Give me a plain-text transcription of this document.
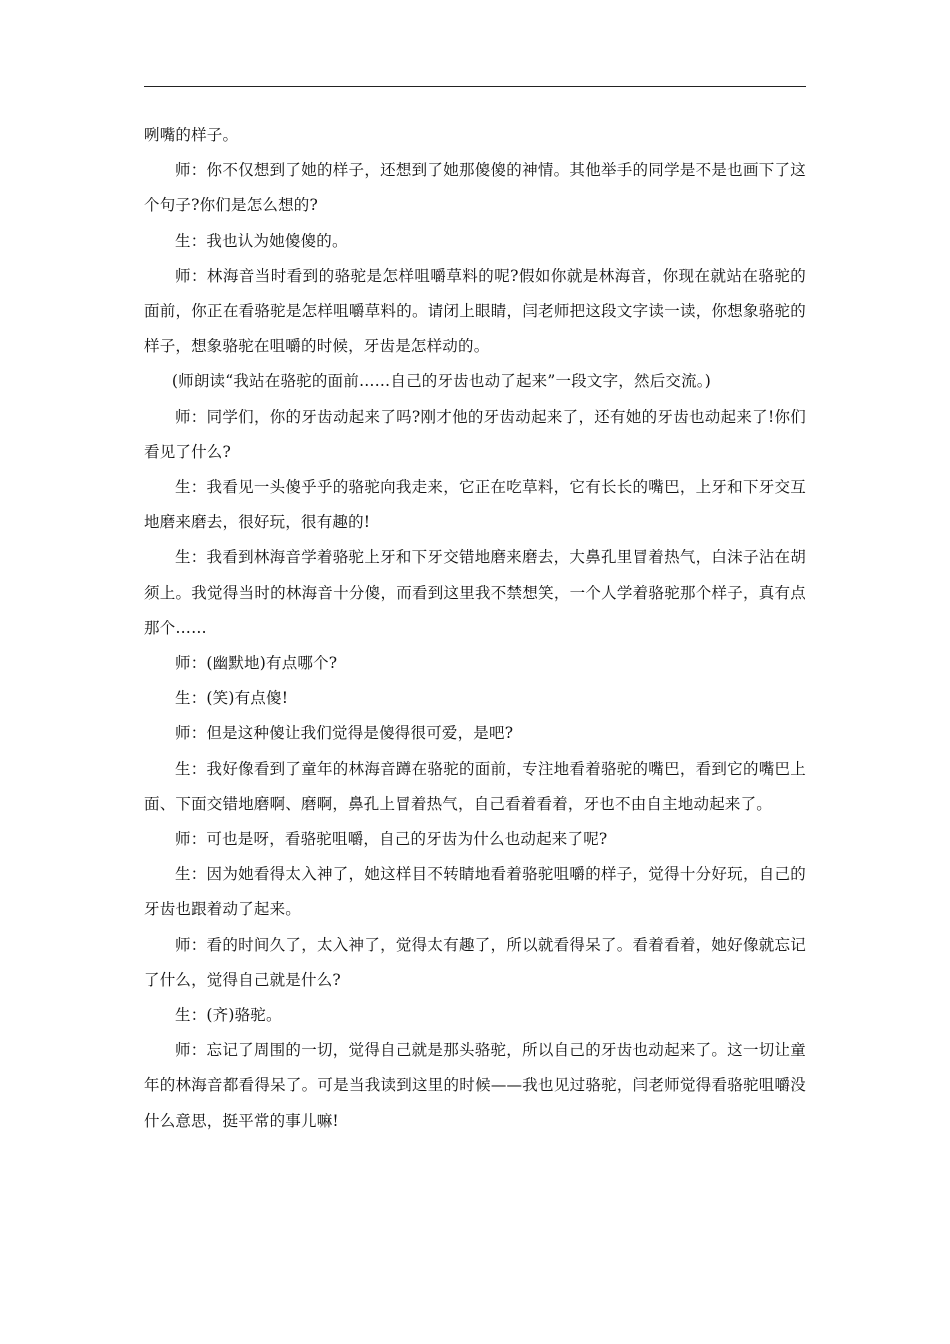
咧嘴的样子。

师：你不仅想到了她的样子，还想到了她那傻傻的神情。其他举手的同学是不是也画下了这个句子?你们是怎么想的?

生：我也认为她傻傻的。

师：林海音当时看到的骆驼是怎样咀嚼草料的呢?假如你就是林海音，你现在就站在骆驼的面前，你正在看骆驼是怎样咀嚼草料的。请闭上眼睛，闫老师把这段文字读一读，你想象骆驼的样子，想象骆驼在咀嚼的时候，牙齿是怎样动的。

(师朗读“我站在骆驼的面前……自己的牙齿也动了起来”一段文字，然后交流。)

师：同学们，你的牙齿动起来了吗?刚才他的牙齿动起来了，还有她的牙齿也动起来了!你们看见了什么?

生：我看见一头傻乎乎的骆驼向我走来，它正在吃草料，它有长长的嘴巴，上牙和下牙交互地磨来磨去，很好玩，很有趣的!

生：我看到林海音学着骆驼上牙和下牙交错地磨来磨去，大鼻孔里冒着热气，白沫子沾在胡须上。我觉得当时的林海音十分傻，而看到这里我不禁想笑，一个人学着骆驼那个样子，真有点那个……

师：(幽默地)有点哪个?

生：(笑)有点傻!

师：但是这种傻让我们觉得是傻得很可爱，是吧?

生：我好像看到了童年的林海音蹲在骆驼的面前，专注地看着骆驼的嘴巴，看到它的嘴巴上面、下面交错地磨啊、磨啊，鼻孔上冒着热气，自己看着看着，牙也不由自主地动起来了。

师：可也是呀，看骆驼咀嚼，自己的牙齿为什么也动起来了呢?

生：因为她看得太入神了，她这样目不转睛地看着骆驼咀嚼的样子，觉得十分好玩，自己的牙齿也跟着动了起来。

师：看的时间久了，太入神了，觉得太有趣了，所以就看得呆了。看着看着，她好像就忘记了什么，觉得自己就是什么?

生：(齐)骆驼。

师：忘记了周围的一切，觉得自己就是那头骆驼，所以自己的牙齿也动起来了。这一切让童年的林海音都看得呆了。可是当我读到这里的时候——我也见过骆驼，闫老师觉得看骆驼咀嚼没什么意思，挺平常的事儿嘛!
